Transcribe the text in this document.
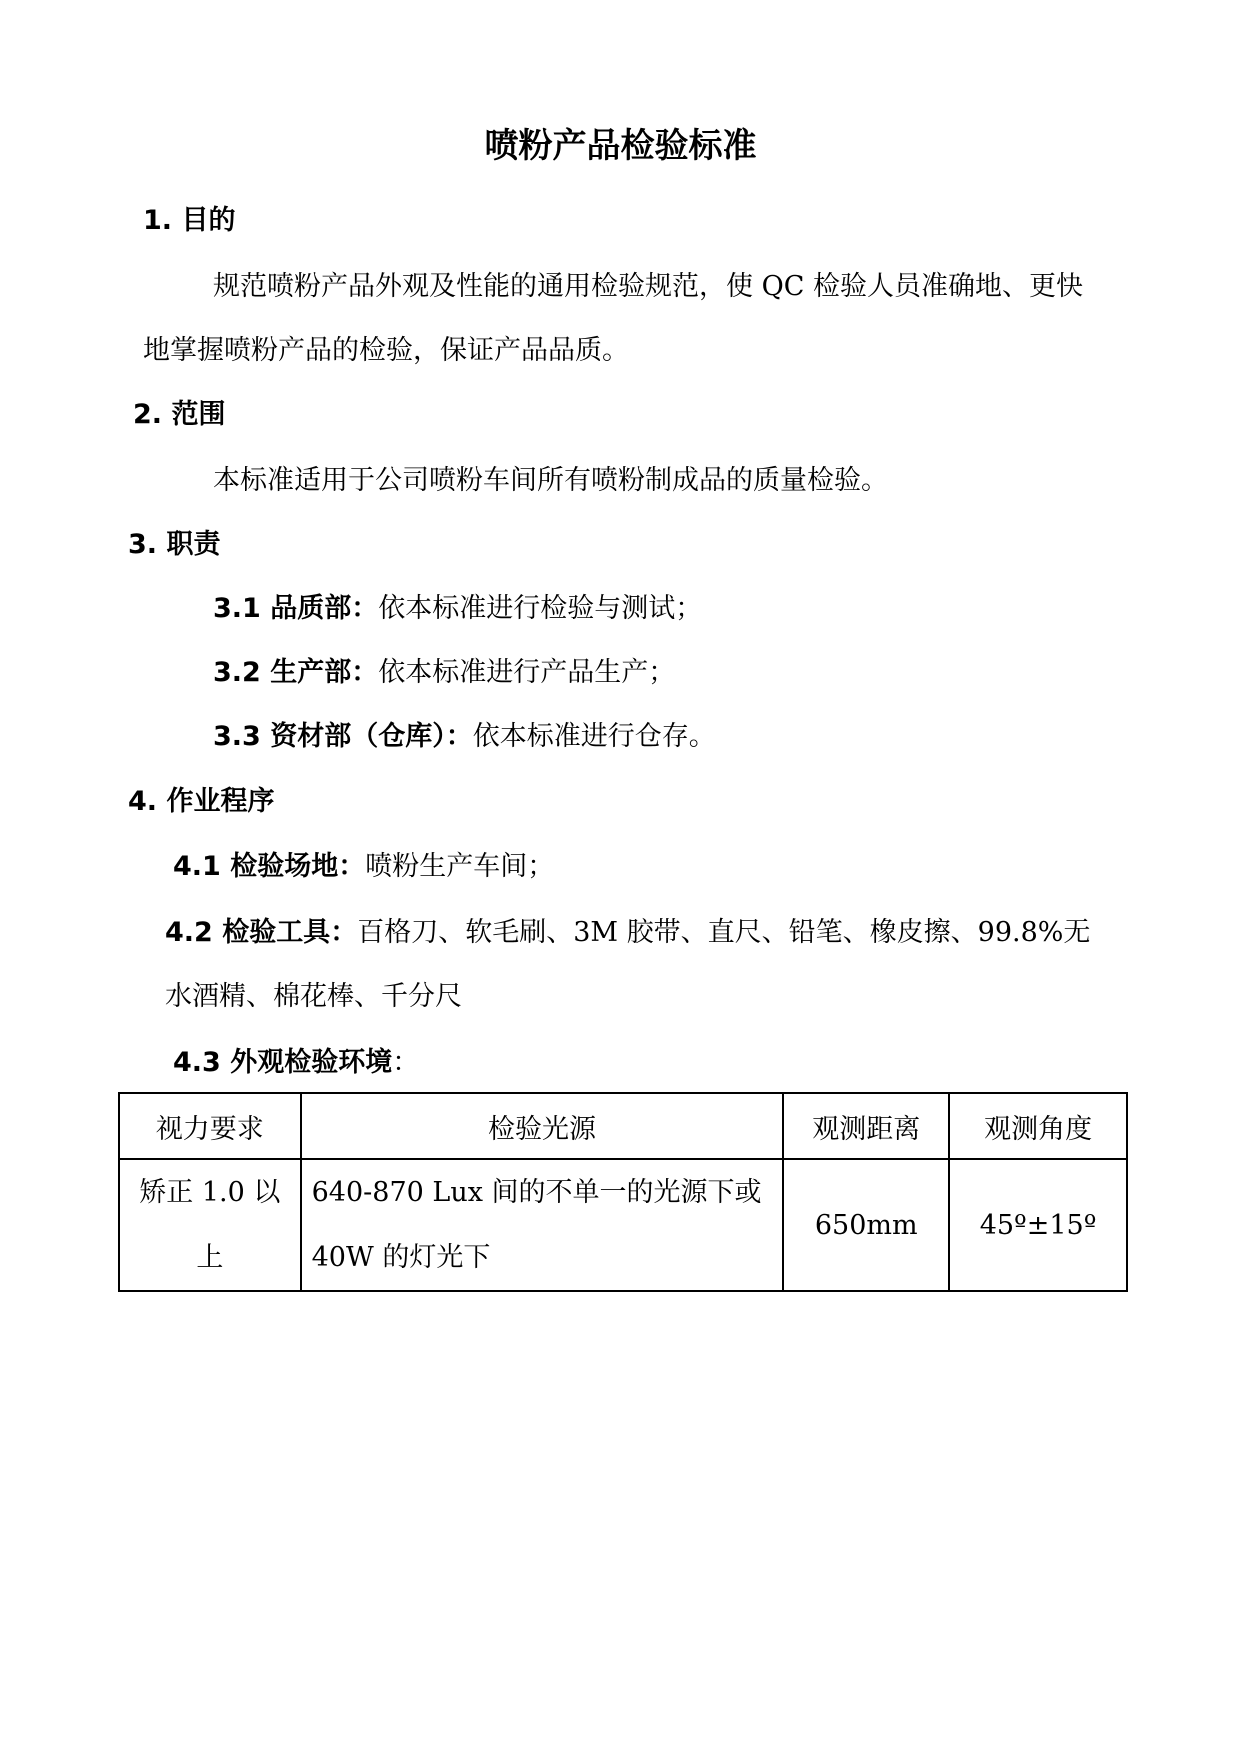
喷粉产品检验标准
1. 目的
规范喷粉产品外观及性能的通用检验规范，使 QC 检验人员准确地、更快
地掌握喷粉产品的检验，保证产品品质。
2. 范围
本标准适用于公司喷粉车间所有喷粉制成品的质量检验。
3. 职责
3.1 品质部：依本标准进行检验与测试；
3.2 生产部：依本标准进行产品生产；
3.3 资材部（仓库）：依本标准进行仓存。
4. 作业程序
4.1 检验场地：喷粉生产车间；
4.2 检验工具：百格刀、软毛刷、3M 胶带、直尺、铅笔、橡皮擦、99.8%无
水酒精、棉花棒、千分尺
4.3 外观检验环境：
视力要求	检验光源	观测距离	观测角度
矫正 1.0 以上	640-870 Lux 间的不单一的光源下或 40W 的灯光下	650mm	45º±15º
